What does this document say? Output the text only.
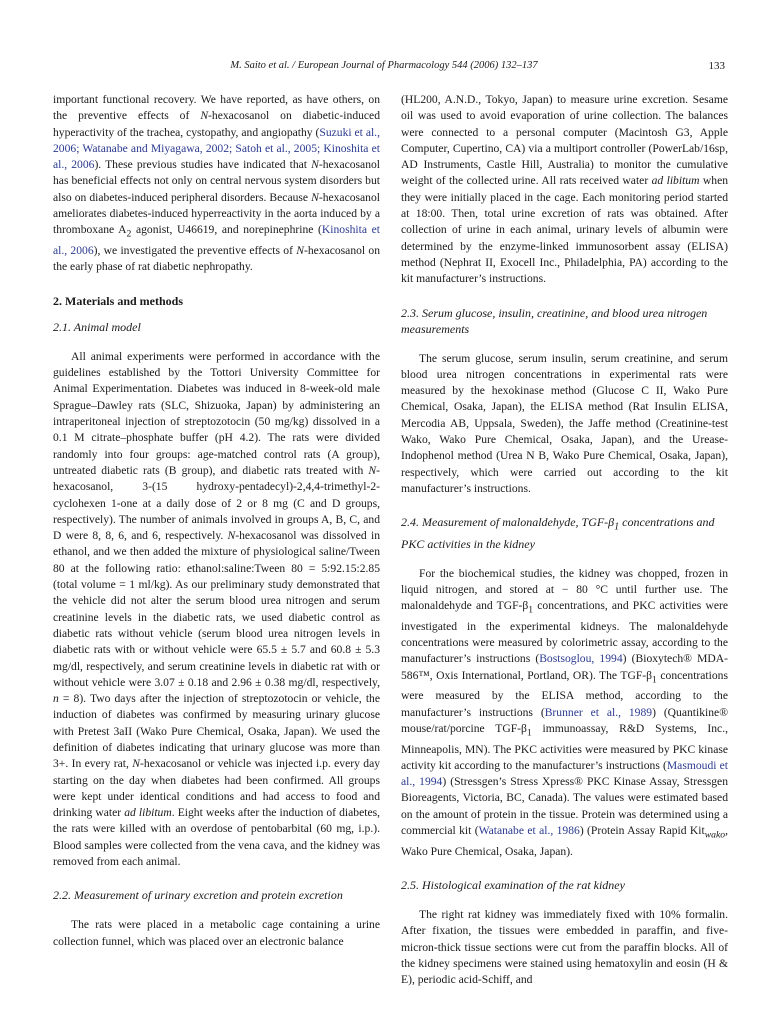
M. Saito et al. / European Journal of Pharmacology 544 (2006) 132–137	133

important functional recovery. We have reported, as have others, on the preventive effects of N-hexacosanol on diabetic-induced hyperactivity of the trachea, cystopathy, and angiopathy (Suzuki et al., 2006; Watanabe and Miyagawa, 2002; Satoh et al., 2005; Kinoshita et al., 2006). These previous studies have indicated that N-hexacosanol has beneficial effects not only on central nervous system disorders but also on diabetes-induced peripheral disorders. Because N-hexacosanol ameliorates diabetes-induced hyperreactivity in the aorta induced by a thromboxane $A_2$ agonist, U46619, and norepinephrine (Kinoshita et al., 2006), we investigated the preventive effects of N-hexacosanol on the early phase of rat diabetic nephropathy.

2. Materials and methods
2.1. Animal model

All animal experiments were performed in accordance with the guidelines established by the Tottori University Committee for Animal Experimentation. Diabetes was induced in 8-week-old male Sprague–Dawley rats (SLC, Shizuoka, Japan) by administering an intraperitoneal injection of streptozotocin (50 mg/kg) dissolved in a 0.1 M citrate–phosphate buffer (pH 4.2). The rats were divided randomly into four groups: age-matched control rats (A group), untreated diabetic rats (B group), and diabetic rats treated with N-hexacosanol, 3-(15 hydroxy-pentadecyl)-2,4,4-trimethyl-2-cyclohexen 1-one at a daily dose of 2 or 8 mg (C and D groups, respectively). The number of animals involved in groups A, B, C, and D were 8, 8, 6, and 6, respectively. N-hexacosanol was dissolved in ethanol, and we then added the mixture of physiological saline/Tween 80 at the following ratio: ethanol:saline:Tween 80 = 5:92.15:2.85 (total volume = 1 ml/kg). As our preliminary study demonstrated that the vehicle did not alter the serum blood urea nitrogen and serum creatinine levels in the diabetic rats, we used diabetic control as diabetic rats without vehicle (serum blood urea nitrogen levels in diabetic rats with or without vehicle were 65.5 ± 5.7 and 60.8 ± 5.3 mg/dl, respectively, and serum creatinine levels in diabetic rat with or without vehicle were 3.07 ± 0.18 and 2.96 ± 0.38 mg/dl, respectively, n = 8). Two days after the injection of streptozotocin or vehicle, the induction of diabetes was confirmed by measuring urinary glucose with Pretest 3aII (Wako Pure Chemical, Osaka, Japan). We used the definition of diabetes indicating that urinary glucose was more than 3+. In every rat, N-hexacosanol or vehicle was injected i.p. every day starting on the day when diabetes had been confirmed. All groups were kept under identical conditions and had access to food and drinking water ad libitum. Eight weeks after the induction of diabetes, the rats were killed with an overdose of pentobarbital (60 mg, i.p.). Blood samples were collected from the vena cava, and the kidney was removed from each animal.

2.2. Measurement of urinary excretion and protein excretion

The rats were placed in a metabolic cage containing a urine collection funnel, which was placed over an electronic balance

(HL200, A.N.D., Tokyo, Japan) to measure urine excretion. Sesame oil was used to avoid evaporation of urine collection. The balances were connected to a personal computer (Macintosh G3, Apple Computer, Cupertino, CA) via a multiport controller (PowerLab/16sp, AD Instruments, Castle Hill, Australia) to monitor the cumulative weight of the collected urine. All rats received water ad libitum when they were initially placed in the cage. Each monitoring period started at 18:00. Then, total urine excretion of rats was obtained. After collection of urine in each animal, urinary levels of albumin were determined by the enzyme-linked immunosorbent assay (ELISA) method (Nephrat II, Exocell Inc., Philadelphia, PA) according to the kit manufacturer’s instructions.

2.3. Serum glucose, insulin, creatinine, and blood urea nitrogen measurements

The serum glucose, serum insulin, serum creatinine, and serum blood urea nitrogen concentrations in experimental rats were measured by the hexokinase method (Glucose C II, Wako Pure Chemical, Osaka, Japan), the ELISA method (Rat Insulin ELISA, Mercodia AB, Uppsala, Sweden), the Jaffe method (Creatinine-test Wako, Wako Pure Chemical, Osaka, Japan), and the Urease-Indophenol method (Urea N B, Wako Pure Chemical, Osaka, Japan), respectively, which were carried out according to the kit manufacturer’s instructions.

2.4. Measurement of malonaldehyde, TGF-$\beta_1$ concentrations and PKC activities in the kidney

For the biochemical studies, the kidney was chopped, frozen in liquid nitrogen, and stored at − 80 °C until further use. The malonaldehyde and TGF-$\beta_1$ concentrations, and PKC activities were investigated in the experimental kidneys. The malonaldehyde concentrations were measured by colorimetric assay, according to the manufacturer’s instructions (Bostsoglou, 1994) (Bioxytech® MDA-586™, Oxis International, Portland, OR). The TGF-$\beta_1$ concentrations were measured by the ELISA method, according to the manufacturer’s instructions (Brunner et al., 1989) (Quantikine® mouse/rat/porcine TGF-$\beta_1$ immunoassay, R&D Systems, Inc., Minneapolis, MN). The PKC activities were measured by PKC kinase activity kit according to the manufacturer’s instructions (Masmoudi et al., 1994) (Stressgen’s Stress Xpress® PKC Kinase Assay, Stressgen Bioreagents, Victoria, BC, Canada). The values were estimated based on the amount of protein in the tissue. Protein was determined using a commercial kit (Watanabe et al., 1986) (Protein Assay Rapid Kit$_{wako}$, Wako Pure Chemical, Osaka, Japan).

2.5. Histological examination of the rat kidney

The right rat kidney was immediately fixed with 10% formalin. After fixation, the tissues were embedded in paraffin, and five-micron-thick tissue sections were cut from the paraffin blocks. All of the kidney specimens were stained using hematoxylin and eosin (H & E), periodic acid-Schiff, and
